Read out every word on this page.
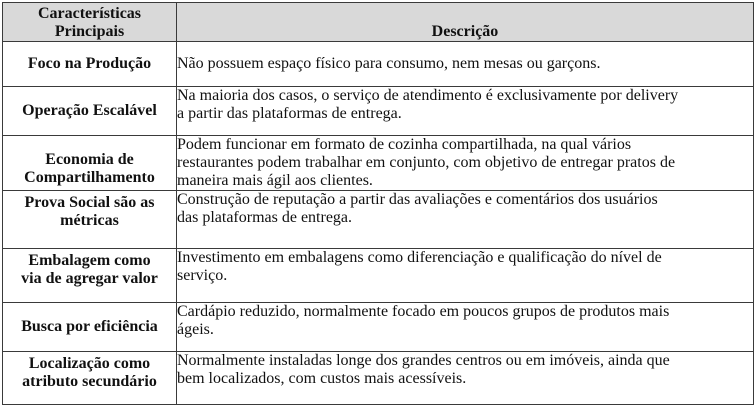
Características
Principais	Descrição

Foco na Produção	Não possuem espaço físico para consumo, nem mesas ou garçons.

Operação Escalável	Na maioria dos casos, o serviço de atendimento é exclusivamente por delivery
a partir das plataformas de entrega.

Economia de
Compartilhamento	Podem funcionar em formato de cozinha compartilhada, na qual vários
restaurantes podem trabalhar em conjunto, com objetivo de entregar pratos de
maneira mais ágil aos clientes.

Prova Social são as
métricas	Construção de reputação a partir das avaliações e comentários dos usuários
das plataformas de entrega.

Embalagem como
via de agregar valor	Investimento em embalagens como diferenciação e qualificação do nível de
serviço.

Busca por eficiência	Cardápio reduzido, normalmente focado em poucos grupos de produtos mais
ágeis.

Localização como
atributo secundário	Normalmente instaladas longe dos grandes centros ou em imóveis, ainda que
bem localizados, com custos mais acessíveis.
